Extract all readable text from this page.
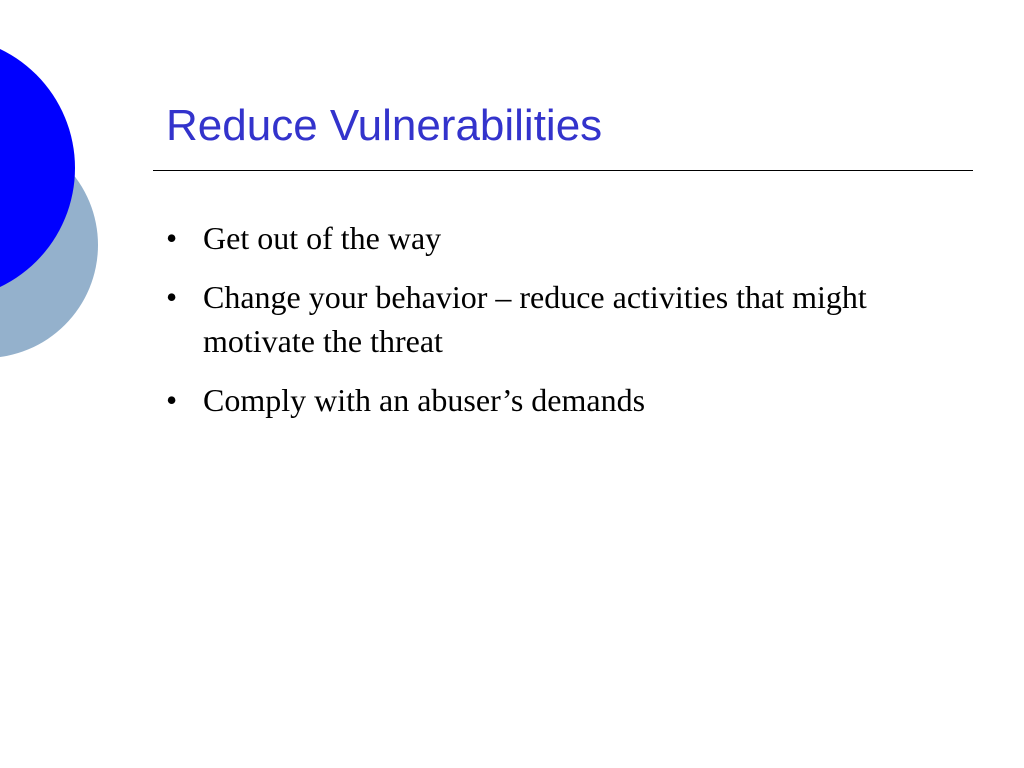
Reduce Vulnerabilities
• Get out of the way
• Change your behavior – reduce activities that might motivate the threat
• Comply with an abuser’s demands
